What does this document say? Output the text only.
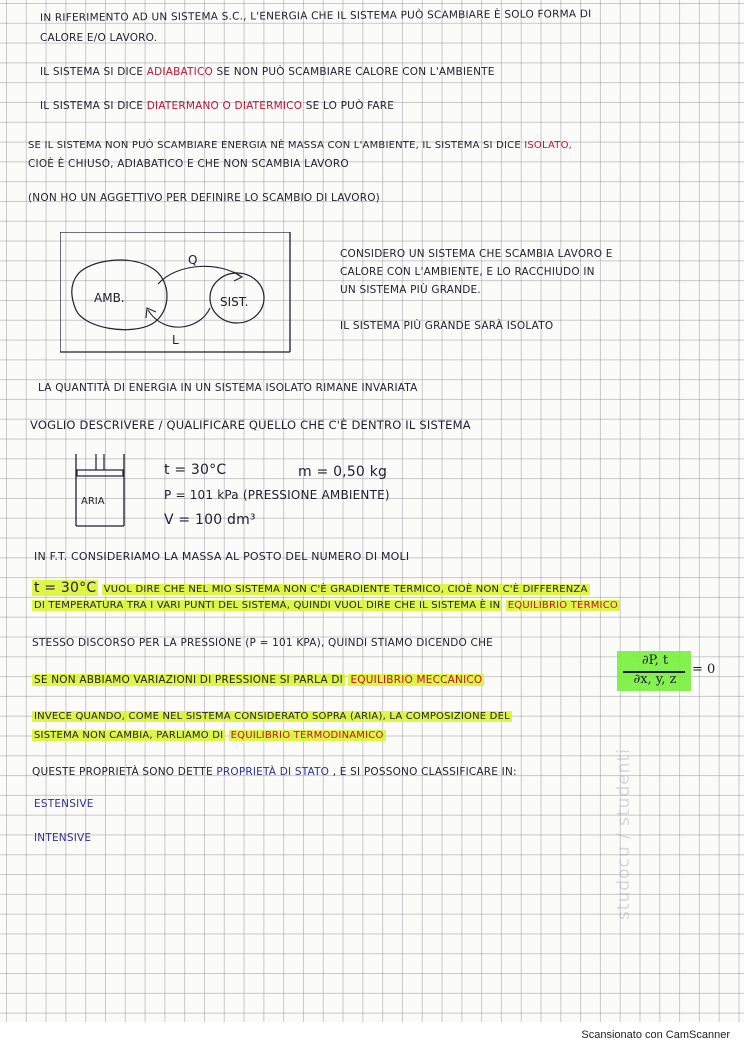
IN RIFERIMENTO AD UN SISTEMA S.C., L'ENERGIA CHE IL SISTEMA PUÒ SCAMBIARE È SOLO FORMA DI
CALORE E/O LAVORO.
IL SISTEMA SI DICE ADIABATICO SE NON PUÒ SCAMBIARE CALORE CON L'AMBIENTE
IL SISTEMA SI DICE DIATERMANO O DIATERMICO SE LO PUÒ FARE
SE IL SISTEMA NON PUÒ SCAMBIARE ENERGIA NÈ MASSA CON L'AMBIENTE, IL SISTEMA SI DICE ISOLATO,
CIOÈ È CHIUSO, ADIABATICO E CHE NON SCAMBIA LAVORO
(NON HO UN AGGETTIVO PER DEFINIRE LO SCAMBIO DI LAVORO)
AMB.	SIST.
Q
L
CONSIDERO UN SISTEMA CHE SCAMBIA LAVORO E
CALORE CON L'AMBIENTE, E LO RACCHIUDO IN
UN SISTEMA PIÙ GRANDE.
IL SISTEMA PIÙ GRANDE SARÀ ISOLATO
LA QUANTITÀ DI ENERGIA IN UN SISTEMA ISOLATO RIMANE INVARIATA
VOGLIO DESCRIVERE / QUALIFICARE QUELLO CHE C'È DENTRO IL SISTEMA
ARIA
t = 30°C	m = 0,50 kg
P = 101 kPa (PRESSIONE AMBIENTE)
V = 100 dm³
IN F.T. CONSIDERIAMO LA MASSA AL POSTO DEL NUMERO DI MOLI
t = 30°C VUOL DIRE CHE NEL MIO SISTEMA NON C'È GRADIENTE TERMICO, CIOÈ NON C'È DIFFERENZA
DI TEMPERATURA TRA I VARI PUNTI DEL SISTEMA, QUINDI VUOL DIRE CHE IL SISTEMA È IN EQUILIBRIO TERMICO
STESSO DISCORSO PER LA PRESSIONE (P = 101 KPA), QUINDI STIAMO DICENDO CHE
∂P, t
∂x, y, z
= 0
SE NON ABBIAMO VARIAZIONI DI PRESSIONE SI PARLA DI EQUILIBRIO MECCANICO
INVECE QUANDO, COME NEL SISTEMA CONSIDERATO SOPRA (ARIA), LA COMPOSIZIONE DEL
SISTEMA NON CAMBIA, PARLIAMO DI EQUILIBRIO TERMODINAMICO
QUESTE PROPRIETÀ SONO DETTE PROPRIETÀ DI STATO , E SI POSSONO CLASSIFICARE IN:
ESTENSIVE
INTENSIVE	studocu / studenti
Scansionato con CamScanner
